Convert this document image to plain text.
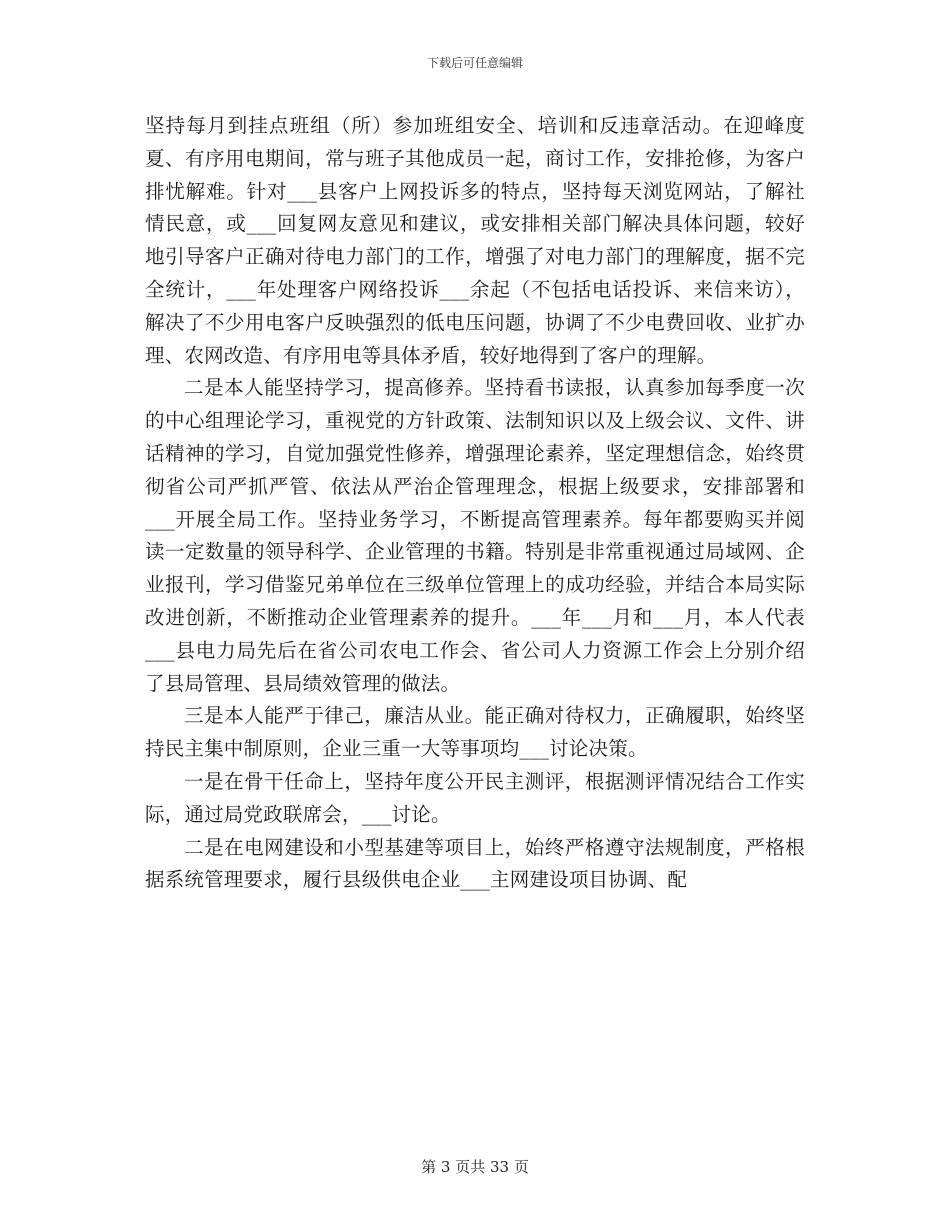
下载后可任意编辑

坚持每月到挂点班组（所）参加班组安全、培训和反违章活动。在迎峰度夏、有序用电期间，常与班子其他成员一起，商讨工作，安排抢修，为客户排忧解难。针对___县客户上网投诉多的特点，坚持每天浏览网站，了解社情民意，或___回复网友意见和建议，或安排相关部门解决具体问题，较好地引导客户正确对待电力部门的工作，增强了对电力部门的理解度，据不完全统计，___年处理客户网络投诉___余起（不包括电话投诉、来信来访），解决了不少用电客户反映强烈的低电压问题，协调了不少电费回收、业扩办理、农网改造、有序用电等具体矛盾，较好地得到了客户的理解。

二是本人能坚持学习，提高修养。坚持看书读报，认真参加每季度一次的中心组理论学习，重视党的方针政策、法制知识以及上级会议、文件、讲话精神的学习，自觉加强党性修养，增强理论素养，坚定理想信念，始终贯彻省公司严抓严管、依法从严治企管理理念，根据上级要求，安排部署和___开展全局工作。坚持业务学习，不断提高管理素养。每年都要购买并阅读一定数量的领导科学、企业管理的书籍。特别是非常重视通过局域网、企业报刊，学习借鉴兄弟单位在三级单位管理上的成功经验，并结合本局实际改进创新，不断推动企业管理素养的提升。___年___月和___月，本人代表___县电力局先后在省公司农电工作会、省公司人力资源工作会上分别介绍了县局管理、县局绩效管理的做法。

三是本人能严于律己，廉洁从业。能正确对待权力，正确履职，始终坚持民主集中制原则，企业三重一大等事项均___讨论决策。

一是在骨干任命上，坚持年度公开民主测评，根据测评情况结合工作实际，通过局党政联席会，___讨论。

二是在电网建设和小型基建等项目上，始终严格遵守法规制度，严格根据系统管理要求，履行县级供电企业___主网建设项目协调、配

第 3 页共 33 页
